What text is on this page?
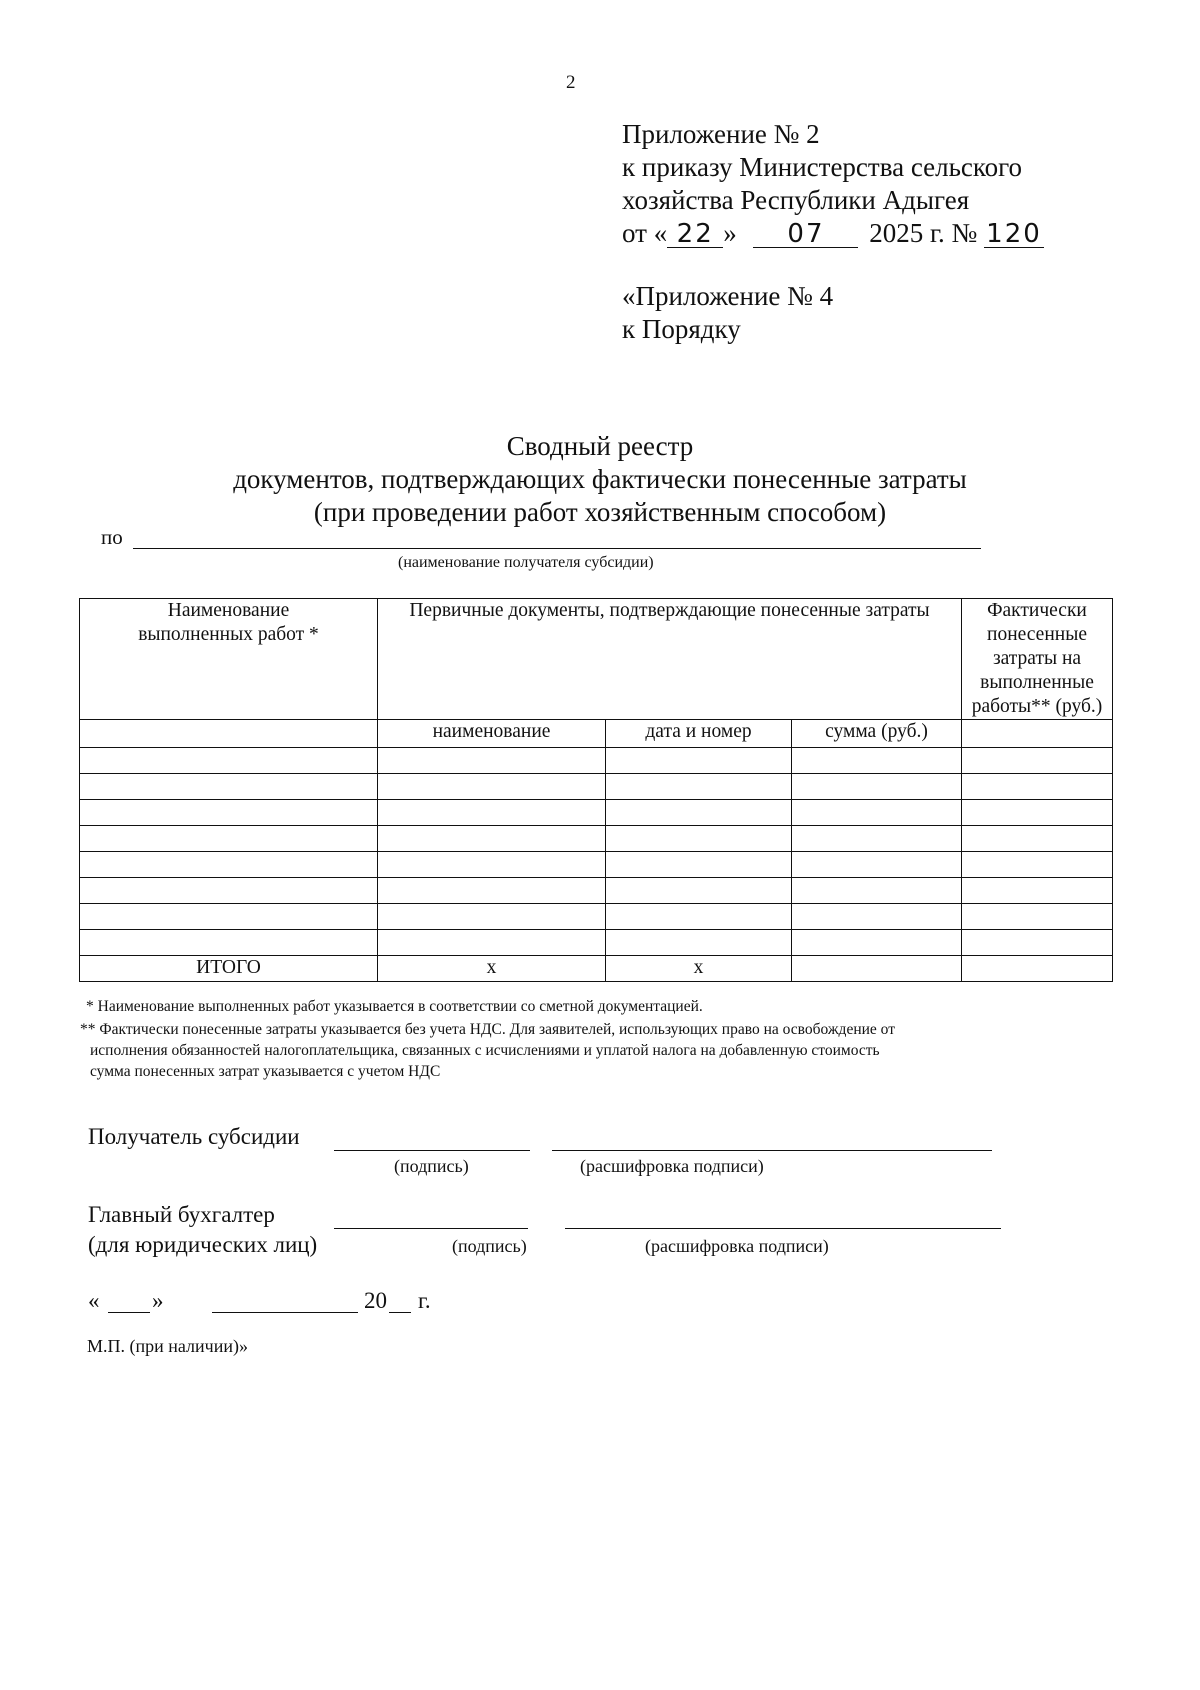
2
Приложение № 2
к приказу Министерства сельского
хозяйства Республики Адыгея
от « 22 » 07 2025 г. № 120
«Приложение № 4
к Порядку
Сводный реестр
документов, подтверждающих фактически понесенные затраты
(при проведении работ хозяйственным способом)
по
(наименование получателя субсидии)
Наименование выполненных работ *	Первичные документы, подтверждающие понесенные затраты			Фактически понесенные затраты на выполненные работы** (руб.)
	наименование	дата и номер	сумма (руб.)	

ИТОГО	x	x		
* Наименование выполненных работ указывается в соответствии со сметной документацией.
** Фактически понесенные затраты указывается без учета НДС. Для заявителей, использующих право на освобождение от
исполнения обязанностей налогоплательщика, связанных с исчислениями и уплатой налога на добавленную стоимость
сумма понесенных затрат указывается с учетом НДС
Получатель субсидии
(подпись)	(расшифровка подписи)
Главный бухгалтер
(для юридических лиц)	(подпись)	(расшифровка подписи)
« »	20 г.
М.П. (при наличии)»
